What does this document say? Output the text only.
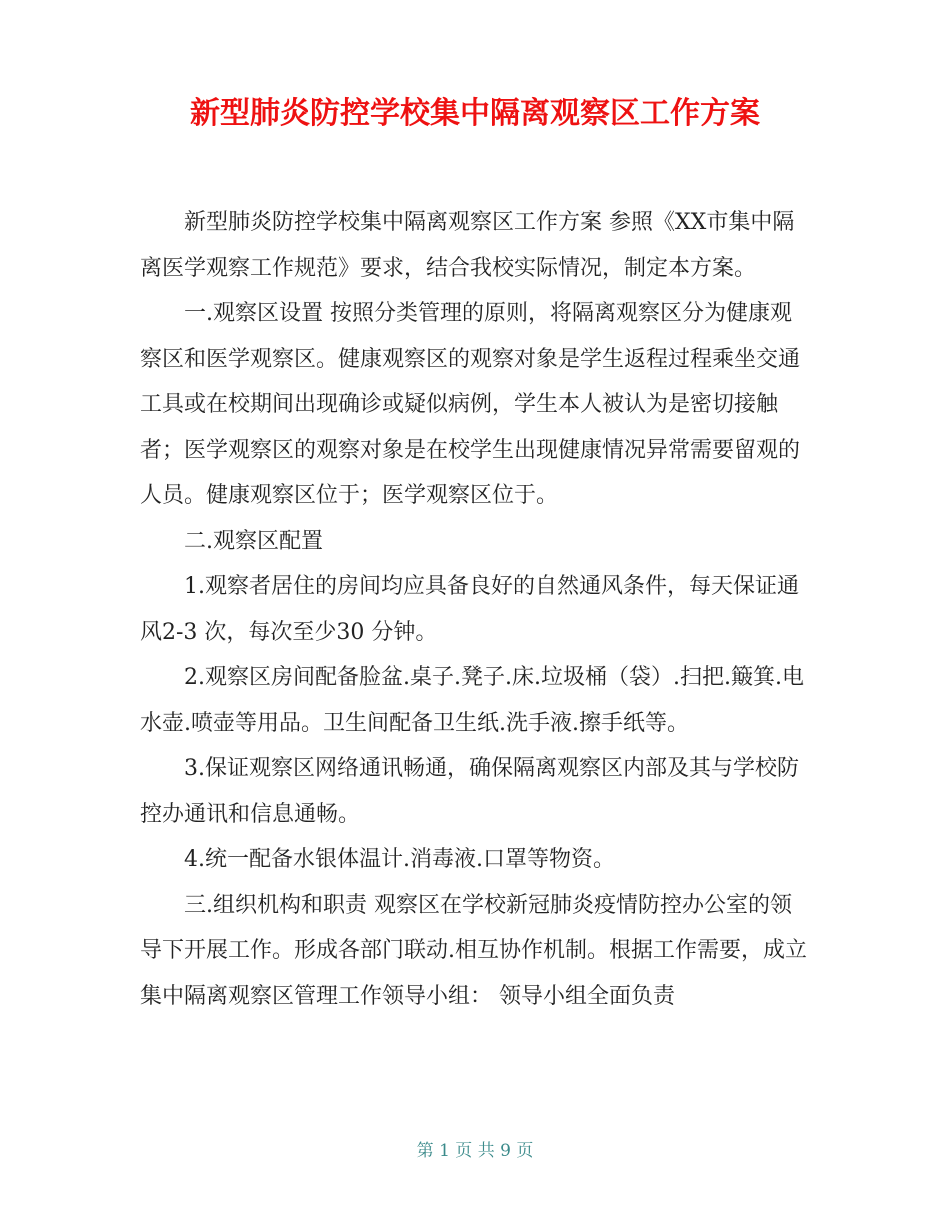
新型肺炎防控学校集中隔离观察区工作方案

新型肺炎防控学校集中隔离观察区工作方案 参照《XX市集中隔离医学观察工作规范》要求，结合我校实际情况，制定本方案。

一.观察区设置 按照分类管理的原则，将隔离观察区分为健康观察区和医学观察区。健康观察区的观察对象是学生返程过程乘坐交通工具或在校期间出现确诊或疑似病例，学生本人被认为是密切接触者；医学观察区的观察对象是在校学生出现健康情况异常需要留观的人员。健康观察区位于；医学观察区位于。

二.观察区配置

1.观察者居住的房间均应具备良好的自然通风条件，每天保证通风2-3 次，每次至少30 分钟。

2.观察区房间配备脸盆.桌子.凳子.床.垃圾桶（袋）.扫把.簸箕.电水壶.喷壶等用品。卫生间配备卫生纸.洗手液.擦手纸等。

3.保证观察区网络通讯畅通，确保隔离观察区内部及其与学校防控办通讯和信息通畅。

4.统一配备水银体温计.消毒液.口罩等物资。

三.组织机构和职责 观察区在学校新冠肺炎疫情防控办公室的领导下开展工作。形成各部门联动.相互协作机制。根据工作需要，成立集中隔离观察区管理工作领导小组： 领导小组全面负责

第 1 页 共 9 页
